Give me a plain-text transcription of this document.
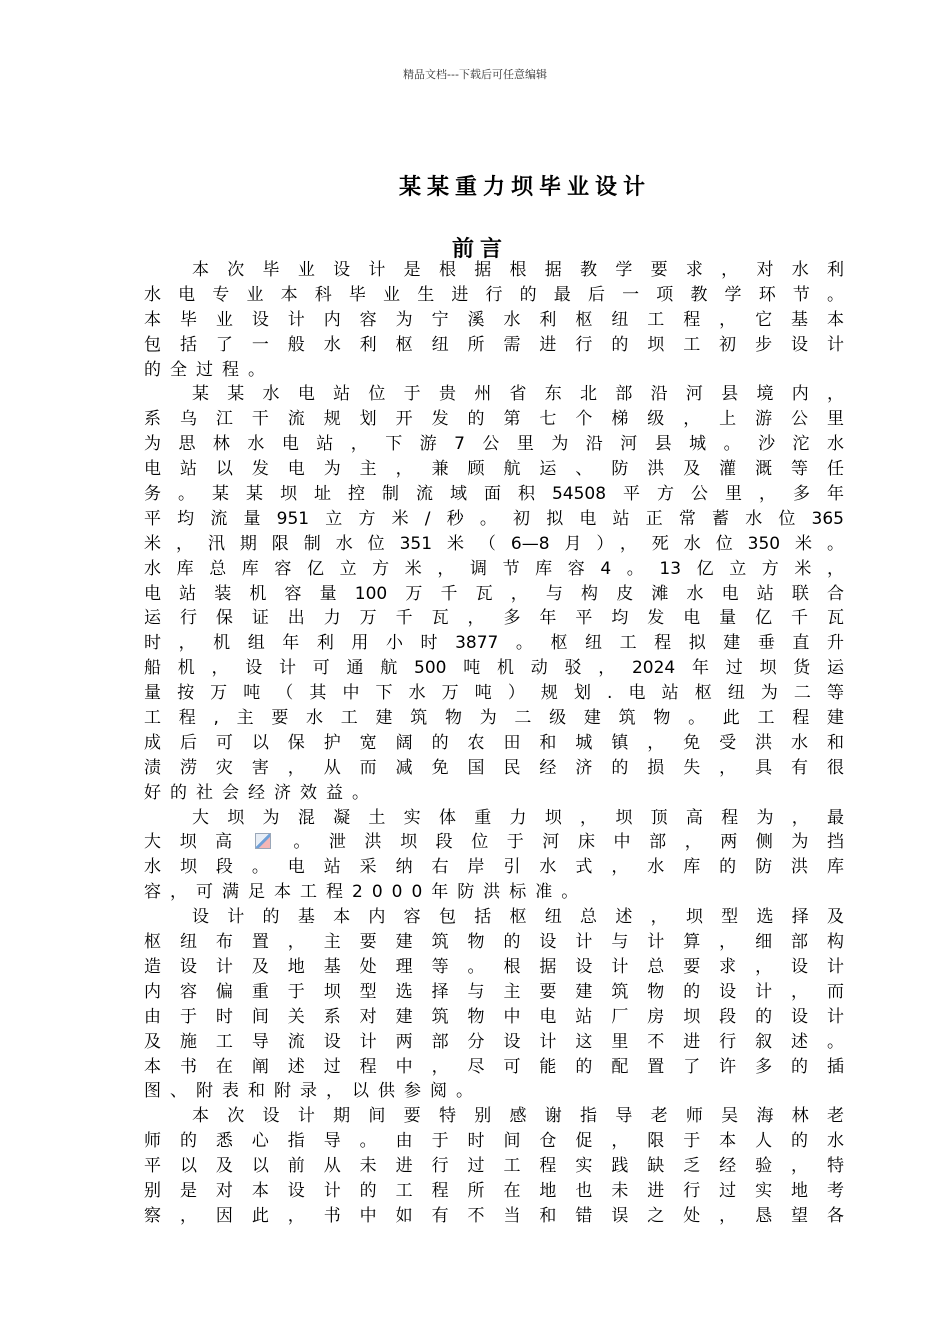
精品文档---下载后可任意编辑
某某重力坝毕业设计
前言
本次毕业设计是根据根据教学要求，对水利
水电专业本科毕业生进行的最后一项教学环节。
本毕业设计内容为宁溪水利枢纽工程，它基本
包括了一般水利枢纽所需进行的坝工初步设计
的全过程。
某某水电站位于贵州省东北部沿河县境内，
系乌江干流规划开发的第七个梯级，上游公里
为思林水电站，下游7公里为沿河县城。沙沱水
电站以发电为主，兼顾航运、防洪及灌溉等任
务。某某坝址控制流域面积54508平方公里，多年
平均流量951立方米/秒。初拟电站正常蓄水位365
米，汛期限制水位351米（6—8月），死水位350米。
水库总库容亿立方米，调节库容4。13亿立方米，
电站装机容量100万千瓦，与构皮滩水电站联合
运行保证出力万千瓦，多年平均发电量亿千瓦
时，机组年利用小时3877。枢纽工程拟建垂直升
船机，设计可通航500吨机动驳，2024年过坝货运
量按万吨（其中下水万吨）规划.电站枢纽为二等
工程,主要水工建筑物为二级建筑物。此工程建
成后可以保护宽阔的农田和城镇，免受洪水和
渍涝灾害，从而减免国民经济的损失，具有很
好的社会经济效益。
大坝为混凝土实体重力坝，坝顶高程为，最
大坝高 。泄洪坝段位于河床中部，两侧为挡
水坝段。电站采纳右岸引水式，水库的防洪库
容，可满足本工程2000年防洪标准。
设计的基本内容包括枢纽总述，坝型选择及
枢纽布置，主要建筑物的设计与计算，细部构
造设计及地基处理等。根据设计总要求，设计
内容偏重于坝型选择与主要建筑物的设计，而
由于时间关系对建筑物中电站厂房坝段的设计
及施工导流设计两部分设计这里不进行叙述。
本书在阐述过程中，尽可能的配置了许多的插
图、附表和附录，以供参阅。
本次设计期间要特别感谢指导老师吴海林老
师的悉心指导。由于时间仓促，限于本人的水
平以及以前从未进行过工程实践缺乏经验，特
别是对本设计的工程所在地也未进行过实地考
察，因此，书中如有不当和错误之处，恳望各
